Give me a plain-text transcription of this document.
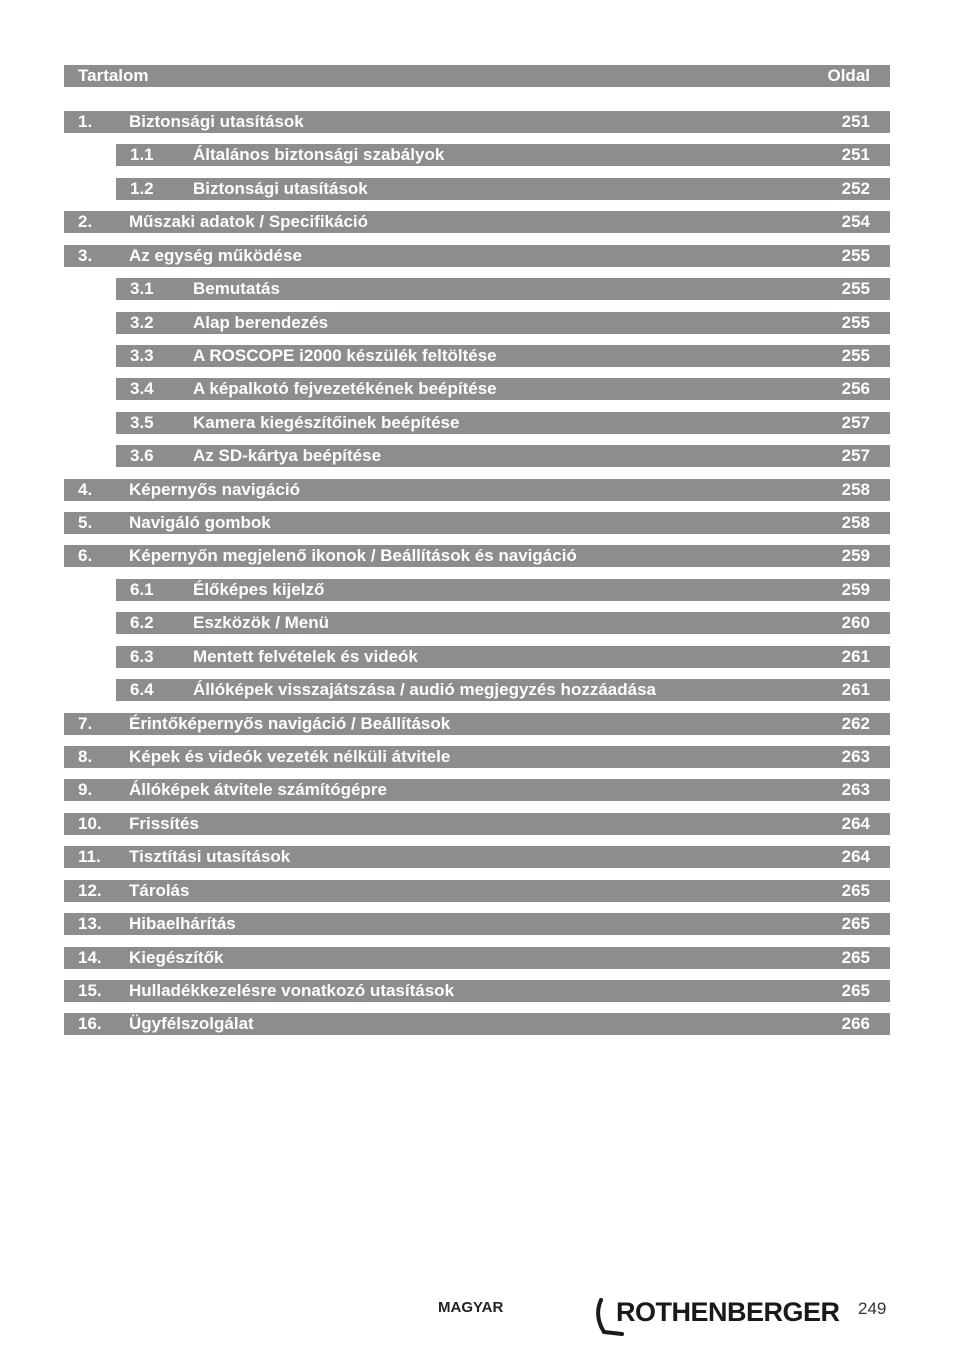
Tartalom	Oldal
1. Biztonsági utasítások	251
1.1 Általános biztonsági szabályok	251
1.2 Biztonsági utasítások	252
2. Műszaki adatok / Specifikáció	254
3. Az egység működése	255
3.1 Bemutatás	255
3.2 Alap berendezés	255
3.3 A ROSCOPE i2000 készülék feltöltése	255
3.4 A képalkotó fejvezetékének beépítése	256
3.5 Kamera kiegészítőinek beépítése	257
3.6 Az SD-kártya beépítése	257
4. Képernyős navigáció	258
5. Navigáló gombok	258
6. Képernyőn megjelenő ikonok / Beállítások és navigáció	259
6.1 Élőképes kijelző	259
6.2 Eszközök / Menü	260
6.3 Mentett felvételek és videók	261
6.4 Állóképek visszajátszása / audió megjegyzés hozzáadása	261
7. Érintőképernyős navigáció / Beállítások	262
8. Képek és videók vezeték nélküli átvitele	263
9. Állóképek átvitele számítógépre	263
10. Frissítés	264
11. Tisztítási utasítások	264
12. Tárolás	265
13. Hibaelhárítás	265
14. Kiegészítők	265
15. Hulladékkezelésre vonatkozó utasítások	265
16. Ügyfélszolgálat	266
MAGYAR	ROTHENBERGER 249
